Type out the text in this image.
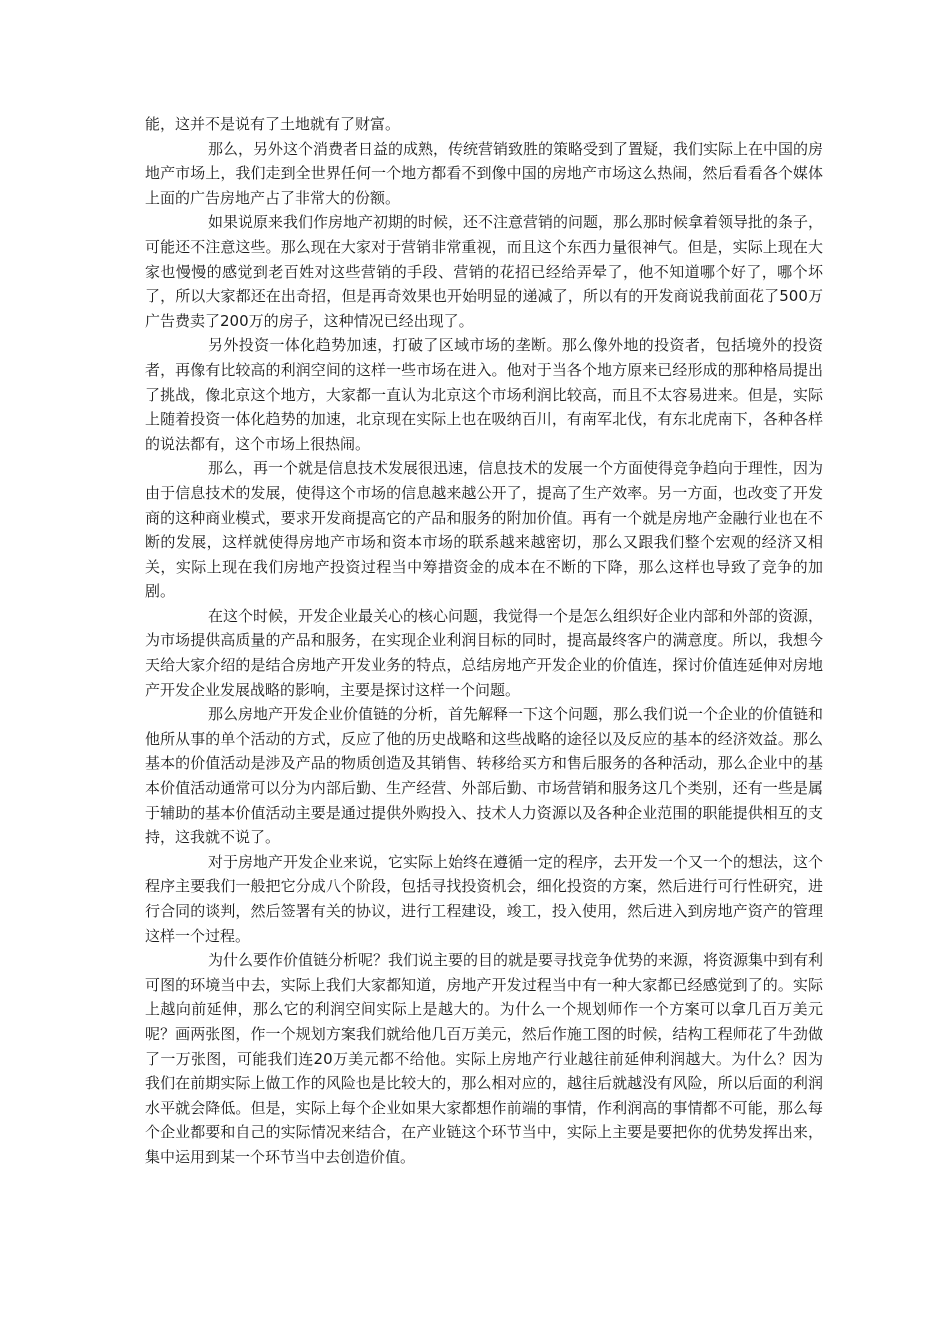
能，这并不是说有了土地就有了财富。

那么，另外这个消费者日益的成熟，传统营销致胜的策略受到了置疑，我们实际上在中国的房地产市场上，我们走到全世界任何一个地方都看不到像中国的房地产市场这么热闹，然后看看各个媒体上面的广告房地产占了非常大的份额。

如果说原来我们作房地产初期的时候，还不注意营销的问题，那么那时候拿着领导批的条子，可能还不注意这些。那么现在大家对于营销非常重视，而且这个东西力量很神气。但是，实际上现在大家也慢慢的感觉到老百姓对这些营销的手段、营销的花招已经给弄晕了，他不知道哪个好了，哪个坏了，所以大家都还在出奇招，但是再奇效果也开始明显的递减了，所以有的开发商说我前面花了500万广告费卖了200万的房子，这种情况已经出现了。

另外投资一体化趋势加速，打破了区域市场的垄断。那么像外地的投资者，包括境外的投资者，再像有比较高的利润空间的这样一些市场在进入。他对于当各个地方原来已经形成的那种格局提出了挑战，像北京这个地方，大家都一直认为北京这个市场利润比较高，而且不太容易进来。但是，实际上随着投资一体化趋势的加速，北京现在实际上也在吸纳百川，有南军北伐，有东北虎南下，各种各样的说法都有，这个市场上很热闹。

那么，再一个就是信息技术发展很迅速，信息技术的发展一个方面使得竞争趋向于理性，因为由于信息技术的发展，使得这个市场的信息越来越公开了，提高了生产效率。另一方面，也改变了开发商的这种商业模式，要求开发商提高它的产品和服务的附加价值。再有一个就是房地产金融行业也在不断的发展，这样就使得房地产市场和资本市场的联系越来越密切，那么又跟我们整个宏观的经济又相关，实际上现在我们房地产投资过程当中筹措资金的成本在不断的下降，那么这样也导致了竞争的加剧。

在这个时候，开发企业最关心的核心问题，我觉得一个是怎么组织好企业内部和外部的资源，为市场提供高质量的产品和服务，在实现企业利润目标的同时，提高最终客户的满意度。所以，我想今天给大家介绍的是结合房地产开发业务的特点，总结房地产开发企业的价值连，探讨价值连延伸对房地产开发企业发展战略的影响，主要是探讨这样一个问题。

那么房地产开发企业价值链的分析，首先解释一下这个问题，那么我们说一个企业的价值链和他所从事的单个活动的方式，反应了他的历史战略和这些战略的途径以及反应的基本的经济效益。那么基本的价值活动是涉及产品的物质创造及其销售、转移给买方和售后服务的各种活动，那么企业中的基本价值活动通常可以分为内部后勤、生产经营、外部后勤、市场营销和服务这几个类别，还有一些是属于辅助的基本价值活动主要是通过提供外购投入、技术人力资源以及各种企业范围的职能提供相互的支持，这我就不说了。

对于房地产开发企业来说，它实际上始终在遵循一定的程序，去开发一个又一个的想法，这个程序主要我们一般把它分成八个阶段，包括寻找投资机会，细化投资的方案，然后进行可行性研究，进行合同的谈判，然后签署有关的协议，进行工程建设，竣工，投入使用，然后进入到房地产资产的管理这样一个过程。

为什么要作价值链分析呢？我们说主要的目的就是要寻找竞争优势的来源，将资源集中到有利可图的环境当中去，实际上我们大家都知道，房地产开发过程当中有一种大家都已经感觉到了的。实际上越向前延伸，那么它的利润空间实际上是越大的。为什么一个规划师作一个方案可以拿几百万美元呢？画两张图，作一个规划方案我们就给他几百万美元，然后作施工图的时候，结构工程师花了牛劲做了一万张图，可能我们连20万美元都不给他。实际上房地产行业越往前延伸利润越大。为什么？因为我们在前期实际上做工作的风险也是比较大的，那么相对应的，越往后就越没有风险，所以后面的利润水平就会降低。但是，实际上每个企业如果大家都想作前端的事情，作利润高的事情都不可能，那么每个企业都要和自己的实际情况来结合，在产业链这个环节当中，实际上主要是要把你的优势发挥出来，集中运用到某一个环节当中去创造价值。
